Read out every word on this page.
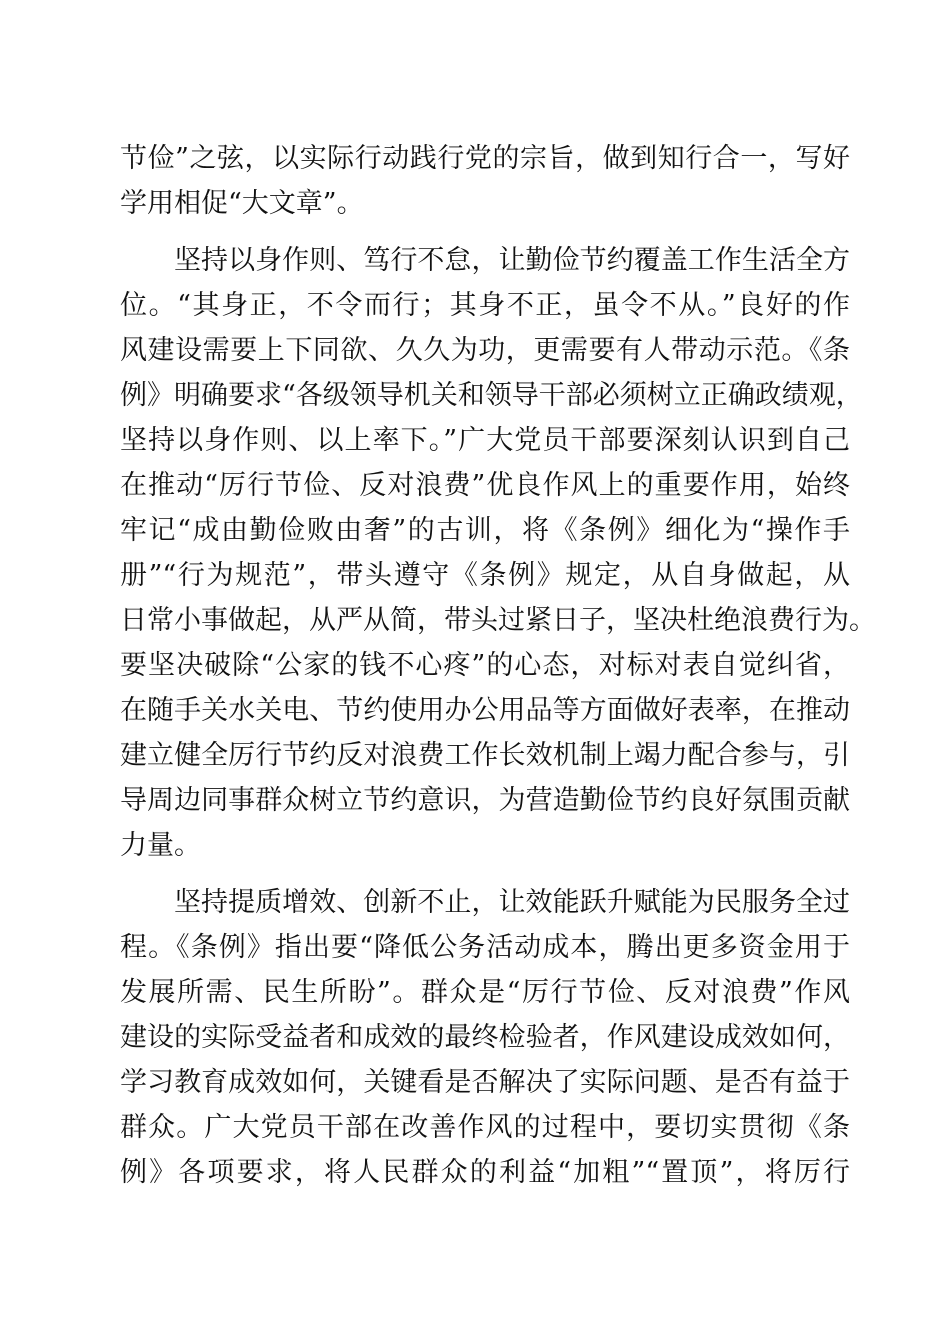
节俭”之弦，以实际行动践行党的宗旨，做到知行合一，写好
学用相促“大文章”。
坚持以身作则、笃行不怠，让勤俭节约覆盖工作生活全方
位。“其身正，不令而行；其身不正，虽令不从。”良好的作
风建设需要上下同欲、久久为功，更需要有人带动示范。《条
例》明确要求“各级领导机关和领导干部必须树立正确政绩观，
坚持以身作则、以上率下。”广大党员干部要深刻认识到自己
在推动“厉行节俭、反对浪费”优良作风上的重要作用，始终
牢记“成由勤俭败由奢”的古训，将《条例》细化为“操作手
册”“行为规范”，带头遵守《条例》规定，从自身做起，从
日常小事做起，从严从简，带头过紧日子，坚决杜绝浪费行为。
要坚决破除“公家的钱不心疼”的心态，对标对表自觉纠省，
在随手关水关电、节约使用办公用品等方面做好表率，在推动
建立健全厉行节约反对浪费工作长效机制上竭力配合参与，引
导周边同事群众树立节约意识，为营造勤俭节约良好氛围贡献
力量。
坚持提质增效、创新不止，让效能跃升赋能为民服务全过
程。《条例》指出要“降低公务活动成本，腾出更多资金用于
发展所需、民生所盼”。群众是“厉行节俭、反对浪费”作风
建设的实际受益者和成效的最终检验者，作风建设成效如何，
学习教育成效如何，关键看是否解决了实际问题、是否有益于
群众。广大党员干部在改善作风的过程中，要切实贯彻《条
例》各项要求，将人民群众的利益“加粗”“置顶”，将厉行
